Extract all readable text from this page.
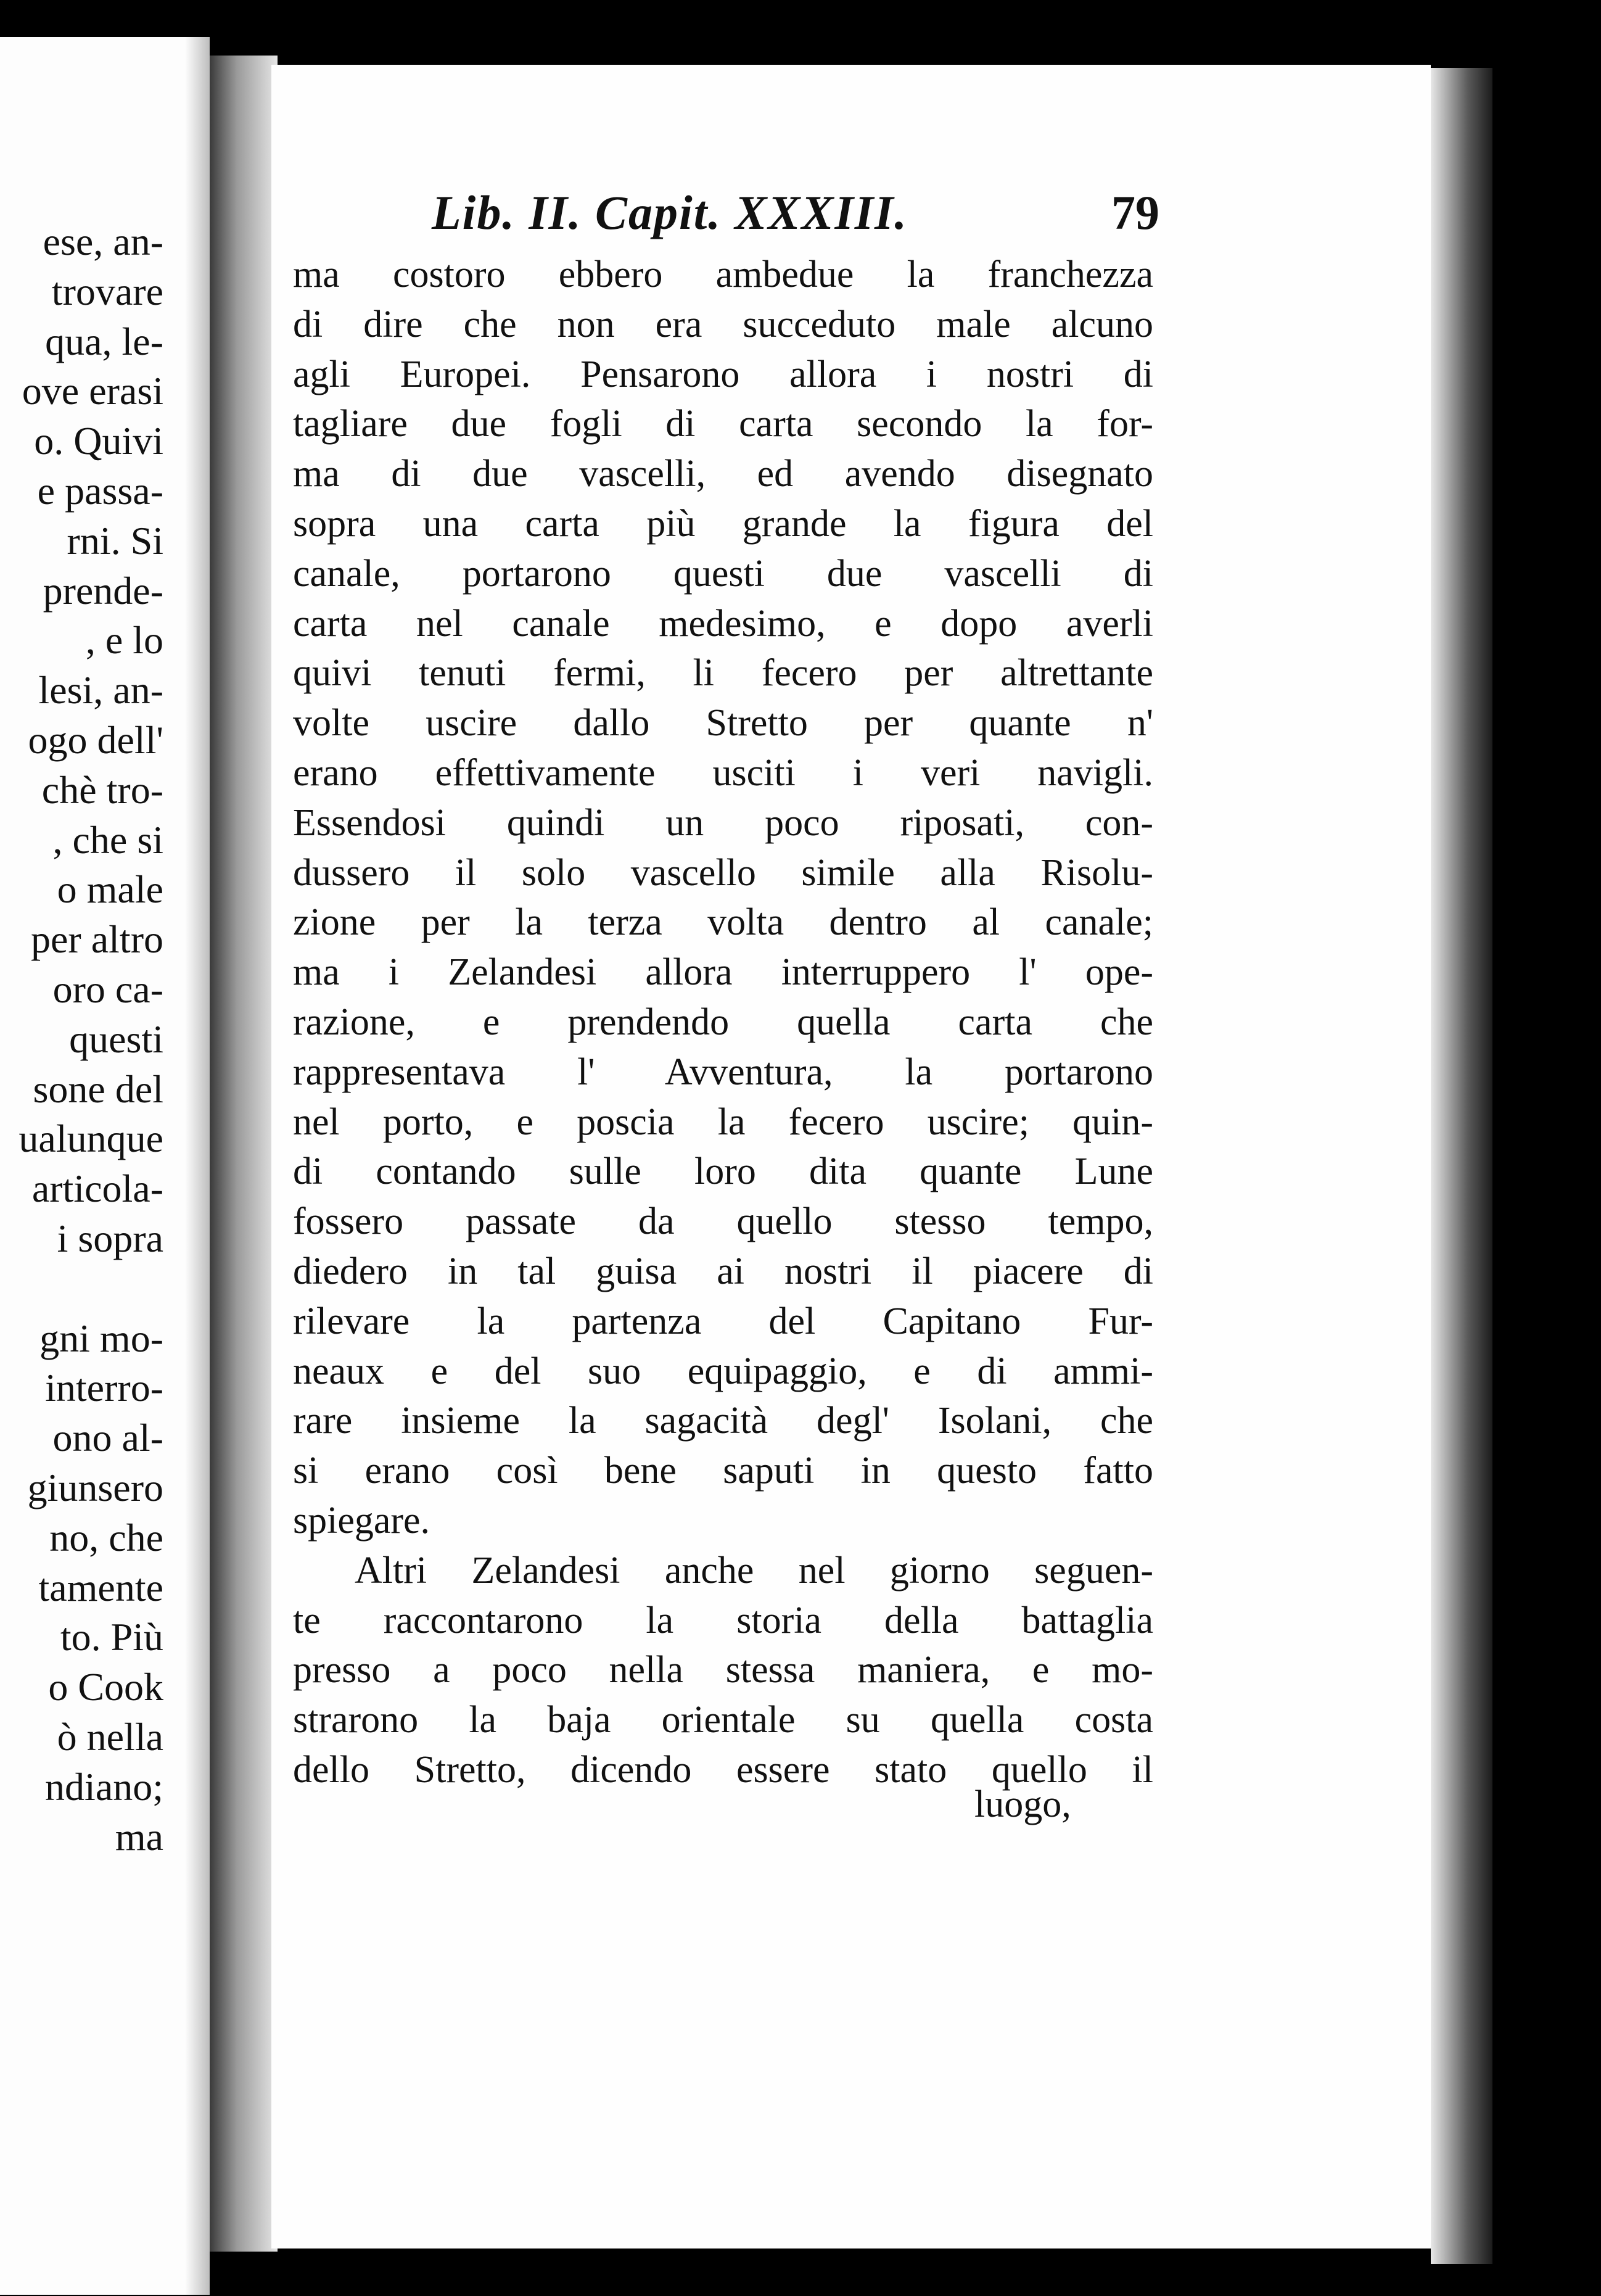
ese, an-
trovare
qua, le-
ove erasi
o. Quivi
e passa-
rni. Si
prende-
, e lo
lesi, an-
ogo dell'
chè tro-
, che si
o male
per altro
oro ca-
questi
sone del
ualunque
articola-
i sopra
gni mo-
interro-
ono al-
giunsero
no, che
tamente
to. Più
o Cook
ò nella
ndiano;
ma
Lib. II. Capit. XXXIII.	79
ma costoro ebbero ambedue la franchezza
di dire che non era succeduto male alcuno
agli Europei. Pensarono allora i nostri di
tagliare due fogli di carta secondo la for-
ma di due vascelli, ed avendo disegnato
sopra una carta più grande la figura del
canale, portarono questi due vascelli di
carta nel canale medesimo, e dopo averli
quivi tenuti fermi, li fecero per altrettante
volte uscire dallo Stretto per quante n'
erano effettivamente usciti i veri navigli.
Essendosi quindi un poco riposati, con-
dussero il solo vascello simile alla Risolu-
zione per la terza volta dentro al canale;
ma i Zelandesi allora interruppero l' ope-
razione, e prendendo quella carta che
rappresentava l' Avventura, la portarono
nel porto, e poscia la fecero uscire; quin-
di contando sulle loro dita quante Lune
fossero passate da quello stesso tempo,
diedero in tal guisa ai nostri il piacere di
rilevare la partenza del Capitano Fur-
neaux e del suo equipaggio, e di ammi-
rare insieme la sagacità degl' Isolani, che
si erano così bene saputi in questo fatto
spiegare.
Altri Zelandesi anche nel giorno seguen-
te raccontarono la storia della battaglia
presso a poco nella stessa maniera, e mo-
strarono la baja orientale su quella costa
dello Stretto, dicendo essere stato quello il
luogo,
